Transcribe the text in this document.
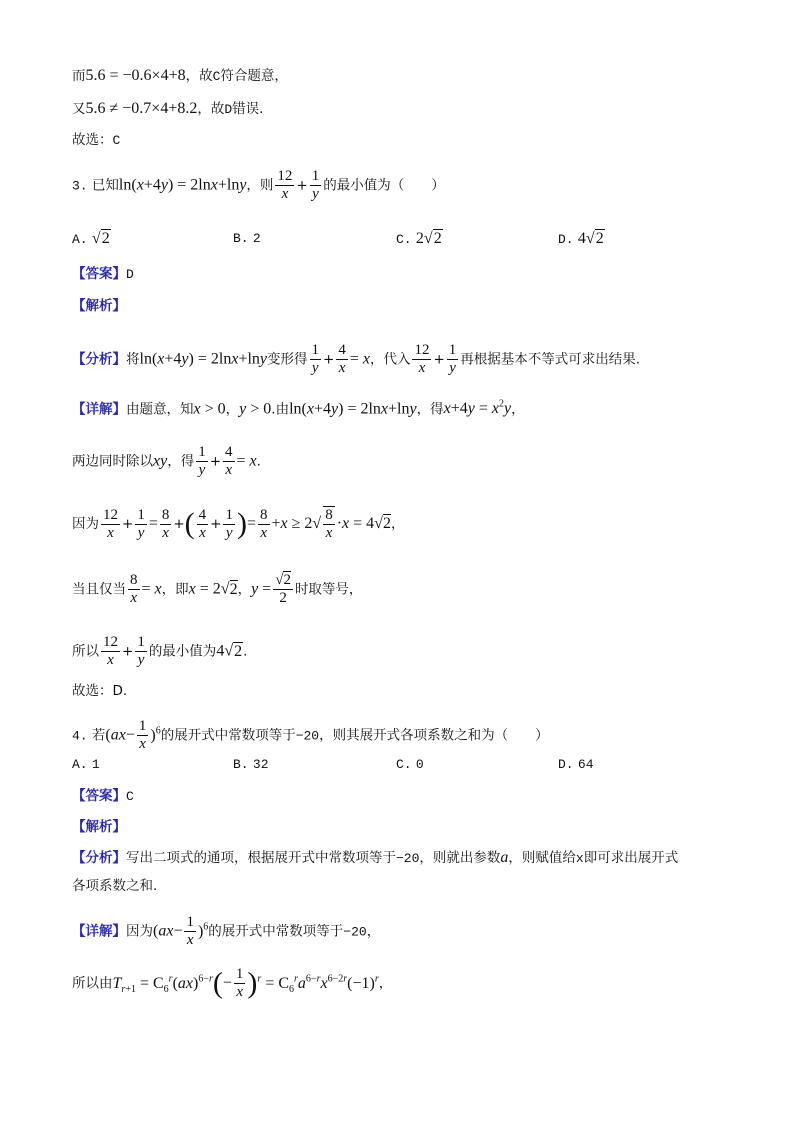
而5.6 = −0.6×4+8，故C符合题意，
又5.6 ≠ −0.7×4+8.2，故D错误.
故选：C
3. 已知ln(x+4y) = 2lnx+lny，则 $\frac{12}{x} + \frac{1}{y}$ 的最小值为（　　）
A. √2	B. 2	C. 2√2	D. 4√2
【答案】D
【解析】
【分析】将ln(x+4y) = 2lnx+lny变形得 $\frac{1}{y} + \frac{4}{x} = x$，代入 $\frac{12}{x} + \frac{1}{y}$ 再根据基本不等式可求出结果.
【详解】由题意，知x > 0，y > 0.由ln(x+4y) = 2lnx+lny，得$x+4y = x^2y$，
两边同时除以xy，得 $\frac{1}{y} + \frac{4}{x} = x$.
因为 $\frac{12}{x} + \frac{1}{y} = \frac{8}{x}$ +( $\frac{4}{x} + \frac{1}{y}$ )= $\frac{8}{x} +x \ge 2√ \frac{8}{x} \cdot x = 4√2$，
当且仅当 $\frac{8}{x} = x$，即x = 2√2，$y = \frac{√2}{2}$ 时取等号，
所以 $\frac{12}{x} + \frac{1}{y}$ 的最小值为4√2.
故选：D.
4. 若$(ax- \frac{1}{x} )^6$的展开式中常数项等于−20，则其展开式各项系数之和为（　　）
A. 1	B. 32	C. 0	D. 64
【答案】C
【解析】
【分析】写出二项式的通项，根据展开式中常数项等于−20，则就出参数a，则赋值给x即可求出展开式
各项系数之和.
【详解】因为$(ax- \frac{1}{x} )^6$的展开式中常数项等于−20，
所以由$T_{r+1} = C_6^r(ax)^{6-r}(- \frac{1}{x} )^r = C_6^ra^{6-r}x^{6-2r}(-1)^r$，
